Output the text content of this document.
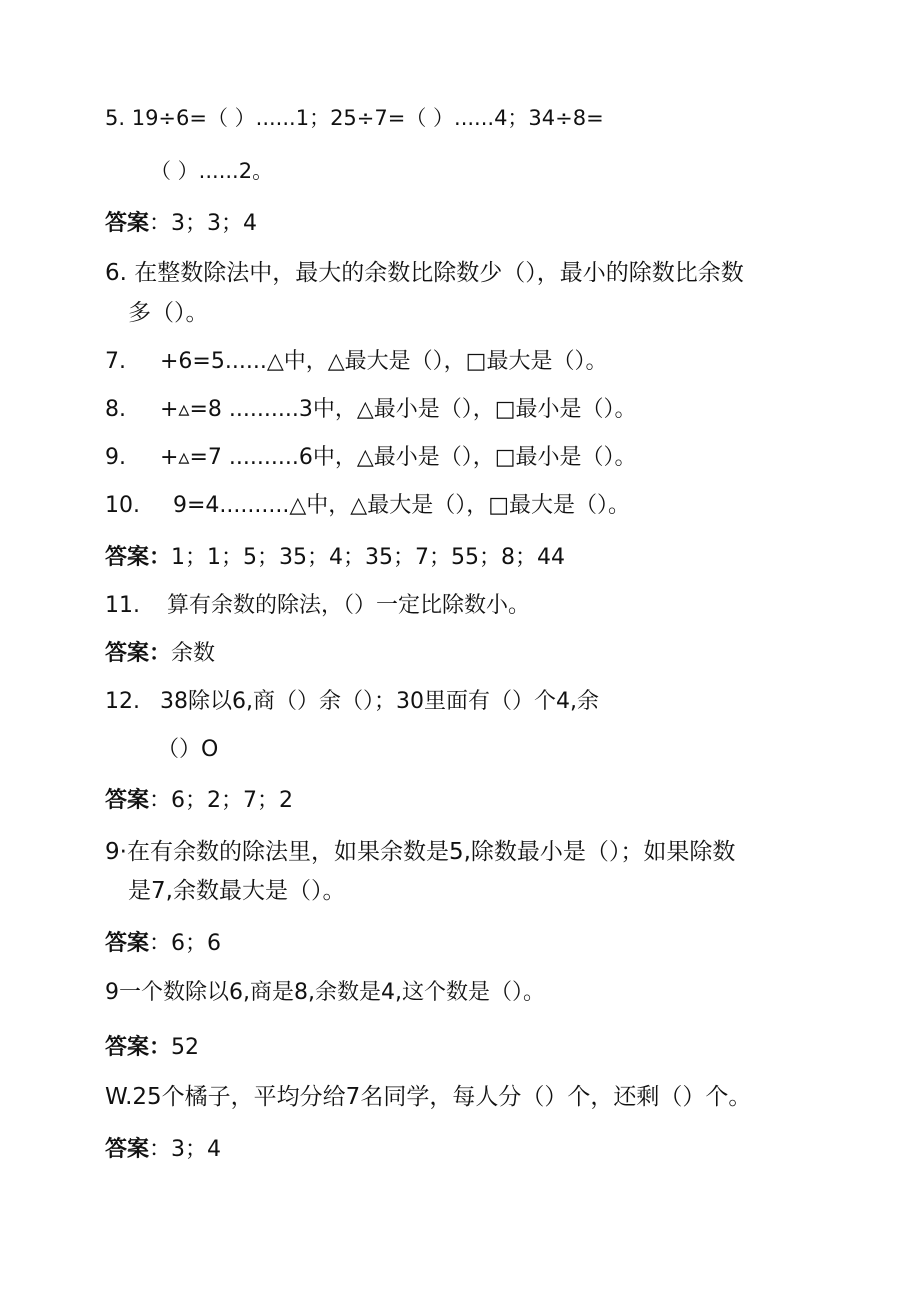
5. 19÷6=（ ）......1；25÷7=（ ）......4；34÷8=
（ ）......2。
答案：3；3；4
6. 在整数除法中，最大的余数比除数少（），最小的除数比余数
多（）。
7. +6=5......△中，△最大是（），□最大是（）。
8. +▵=8 ..........3中，△最小是（），□最小是（）。
9. +▵=7 ..........6中，△最小是（），□最小是（）。
10. 9=4..........△中，△最大是（），□最大是（）。
答案：1；1；5；35；4；35；7；55；8；44
11. 算有余数的除法，（）一定比除数小。
答案：余数
12. 38除以6,商（）余（）；30里面有（）个4,余
（）O
答案：6；2；7；2
9·在有余数的除法里，如果余数是5,除数最小是（）；如果除数
是7,余数最大是（）。
答案：6；6
9一个数除以6,商是8,余数是4,这个数是（）。
答案：52
W.25个橘子，平均分给7名同学，每人分（）个，还剩（）个。
答案：3；4
